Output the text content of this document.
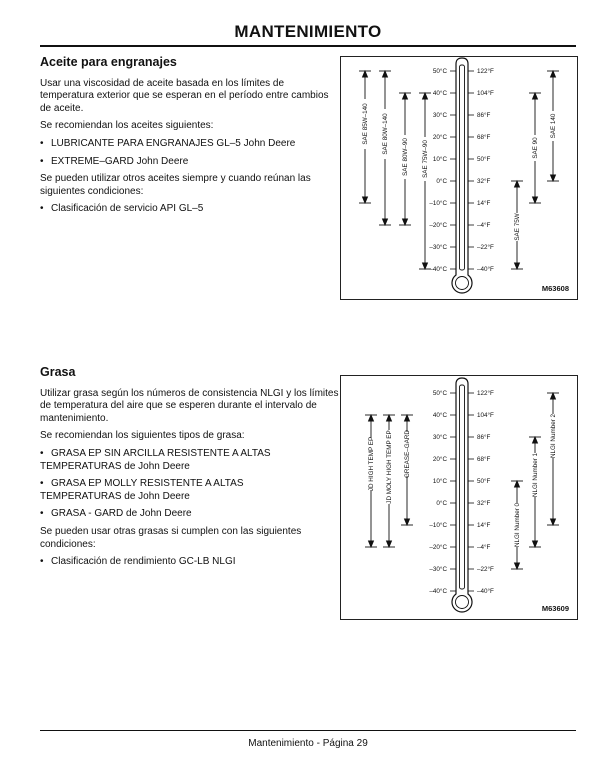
MANTENIMIENTO
Aceite para engranajes

Usar una viscosidad de aceite basada en los límites de temperatura exterior que se esperan en el período entre cambios de aceite.

Se recomiendan los aceites siguientes:

• LUBRICANTE PARA ENGRANAJES GL–5 John Deere
• EXTREME–GARD John Deere

Se pueden utilizar otros aceites siempre y cuando reúnan las siguientes condiciones:

• Clasificación de servicio API GL–5
50°C
40°C
30°C
20°C
10°C
0°C
–10°C
–20°C
–30°C
–40°C
122°F
104°F
86°F
68°F
50°F
32°F
14°F
–4°F
–22°F
–40°F
SAE 85W–140 SAE 80W–140
SAE 80W–90 SAE 75W–90
SAE 140
SAE 90
SAE 75W
M63608
Grasa

Utilizar grasa según los números de consistencia NLGI y los límites de temperatura del aire que se esperen durante el intervalo de mantenimiento.

Se recomiendan los siguientes tipos de grasa:

• GRASA EP SIN ARCILLA RESISTENTE A ALTAS
TEMPERATURAS de John Deere
• GRASA EP MOLLY RESISTENTE A ALTAS
TEMPERATURAS de John Deere
• GRASA - GARD de John Deere

Se pueden usar otras grasas si cumplen con las siguientes condiciones:

• Clasificación de rendimiento GC-LB NLGI
50°C
40°C
30°C
20°C
10°C
0°C
–10°C
–20°C
–30°C
–40°C
122°F
104°F
86°F
68°F
50°F
32°F
14°F
–4°F
–22°F
–40°F
JD HIGH TEMP EP JD MOLY HIGH TEMP EP GREASE–GARD	NLGI Number 2
NLGI Number 1
NLGI Number 0
M63609
Mantenimiento - Página 29
